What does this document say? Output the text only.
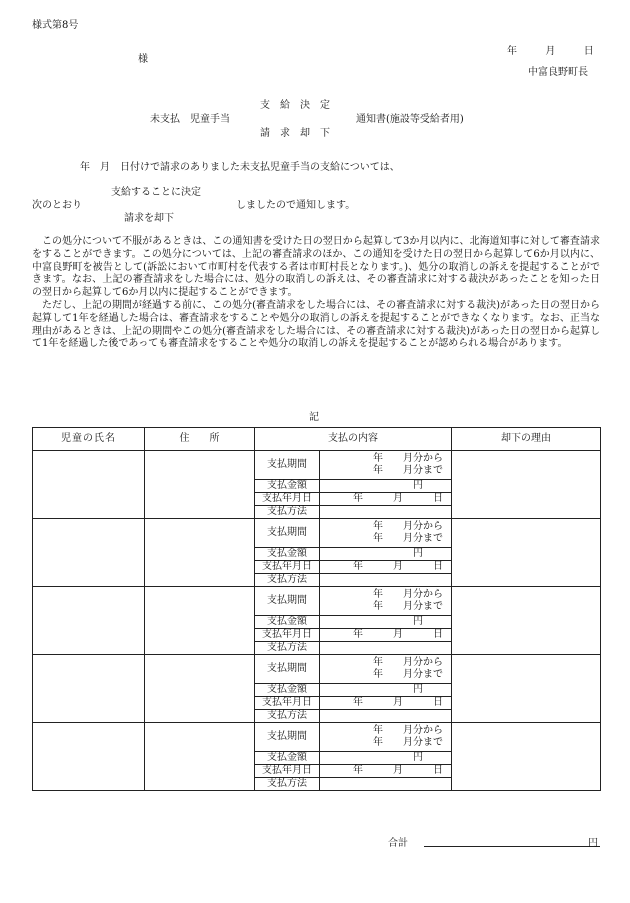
様式第8号
様
年	月	日
中富良野町長
支　給　決　定
未支払　児童手当	通知書(施設等受給者用)
請　求　却　下
年　月　日付けで請求のありました未支払児童手当の支給については、
支給することに決定
次のとおり	しましたので通知します。
請求を却下

この処分について不服があるときは、この通知書を受けた日の翌日から起算して3か月以内に、北海道知事に対して審査請求をすることができます。この処分については、上記の審査請求のほか、この通知を受けた日の翌日から起算して6か月以内に、中富良野町を被告として(訴訟において市町村を代表する者は市町村長となります。)、処分の取消しの訴えを提起することができます。なお、上記の審査請求をした場合には、処分の取消しの訴えは、その審査請求に対する裁決があったことを知った日の翌日から起算して6か月以内に提起することができます。

ただし、上記の期間が経過する前に、この処分(審査請求をした場合には、その審査請求に対する裁決)があった日の翌日から起算して1年を経過した場合は、審査請求をすることや処分の取消しの訴えを提起することができなくなります。なお、正当な理由があるときは、上記の期間やこの処分(審査請求をした場合には、その審査請求に対する裁決)があった日の翌日から起算して1年を経過した後であっても審査請求をすることや処分の取消しの訴えを提起することが認められる場合があります。

記
児童の氏名	住　　所	支払の内容		却下の理由
		支払期間	年　　月分から
年　　月分まで	

		支払金額	円	

		支払年月日	年　　　月　　　日	

		支払方法		
		支払期間	年　　月分から
年　　月分まで	

		支払金額	円	

		支払年月日	年　　　月　　　日	

		支払方法		
		支払期間	年　　月分から
年　　月分まで	

		支払金額	円	

		支払年月日	年　　　月　　　日	

		支払方法		
		支払期間	年　　月分から
年　　月分まで	

		支払金額	円	

		支払年月日	年　　　月　　　日	

		支払方法		
		支払期間	年　　月分から
年　　月分まで	

		支払金額	円	

		支払年月日	年　　　月　　　日	

		支払方法		
合計	円
